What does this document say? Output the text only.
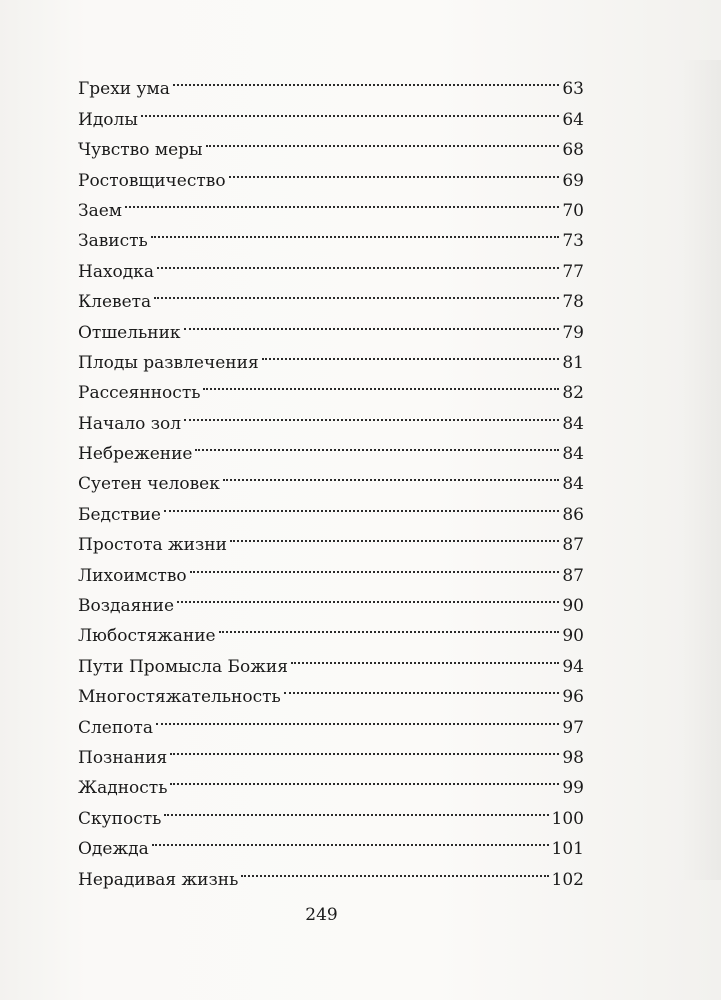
Грехи ума	63
Идолы	64
Чувство меры	68
Ростовщичество	69
Заем	70
Зависть	73
Находка	77
Клевета	78
Отшельник	79
Плоды развлечения	81
Рассеянность	82
Начало зол	84
Небрежение	84
Суетен человек	84
Бедствие	86
Простота жизни	87
Лихоимство	87
Воздаяние	90
Любостяжание	90
Пути Промысла Божия	94
Многостяжательность	96
Слепота	97
Познания	98
Жадность	99
Скупость	100
Одежда	101
Нерадивая жизнь	102
249
